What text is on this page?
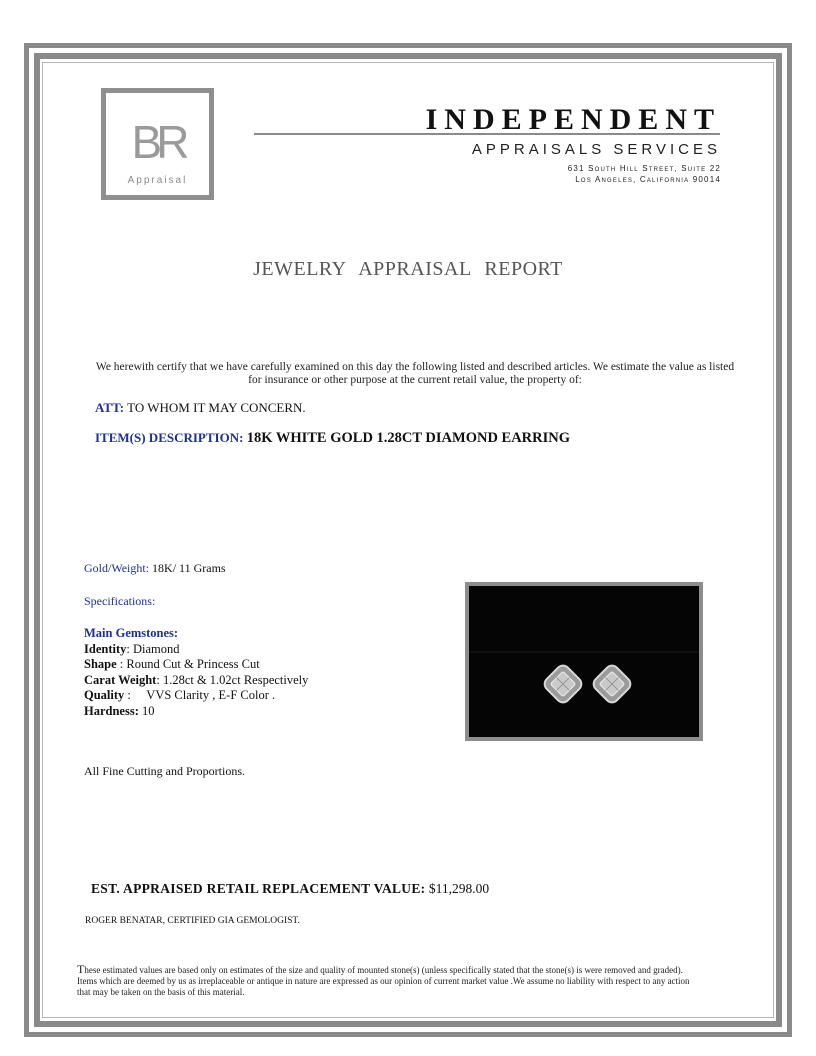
BR
Appraisal
INDEPENDENT
APPRAISALS SERVICES
631 South Hill Street, Suite 22
Los Angeles, California 90014
JEWELRY APPRAISAL REPORT
We herewith certify that we have carefully examined on this day the following listed and described articles. We estimate the value as listed for insurance or other purpose at the current retail value, the property of:
ATT: TO WHOM IT MAY CONCERN.
ITEM(S) DESCRIPTION: 18K WHITE GOLD 1.28CT DIAMOND EARRING
Gold/Weight: 18K/ 11 Grams
Specifications:
Main Gemstones:
Identity: Diamond
Shape : Round Cut & Princess Cut
Carat Weight: 1.28ct & 1.02ct Respectively
Quality :     VVS Clarity , E-F Color .
Hardness: 10
All Fine Cutting and Proportions.
EST. APPRAISED RETAIL REPLACEMENT VALUE: $11,298.00
ROGER BENATAR, CERTIFIED GIA GEMOLOGIST.
These estimated values are based only on estimates of the size and quality of mounted stone(s) (unless specifically stated that the stone(s) is were removed and graded). Items which are deemed by us as irreplaceable or antique in nature are expressed as our opinion of current market value .We assume no liability with respect to any action that may be taken on the basis of this material.
